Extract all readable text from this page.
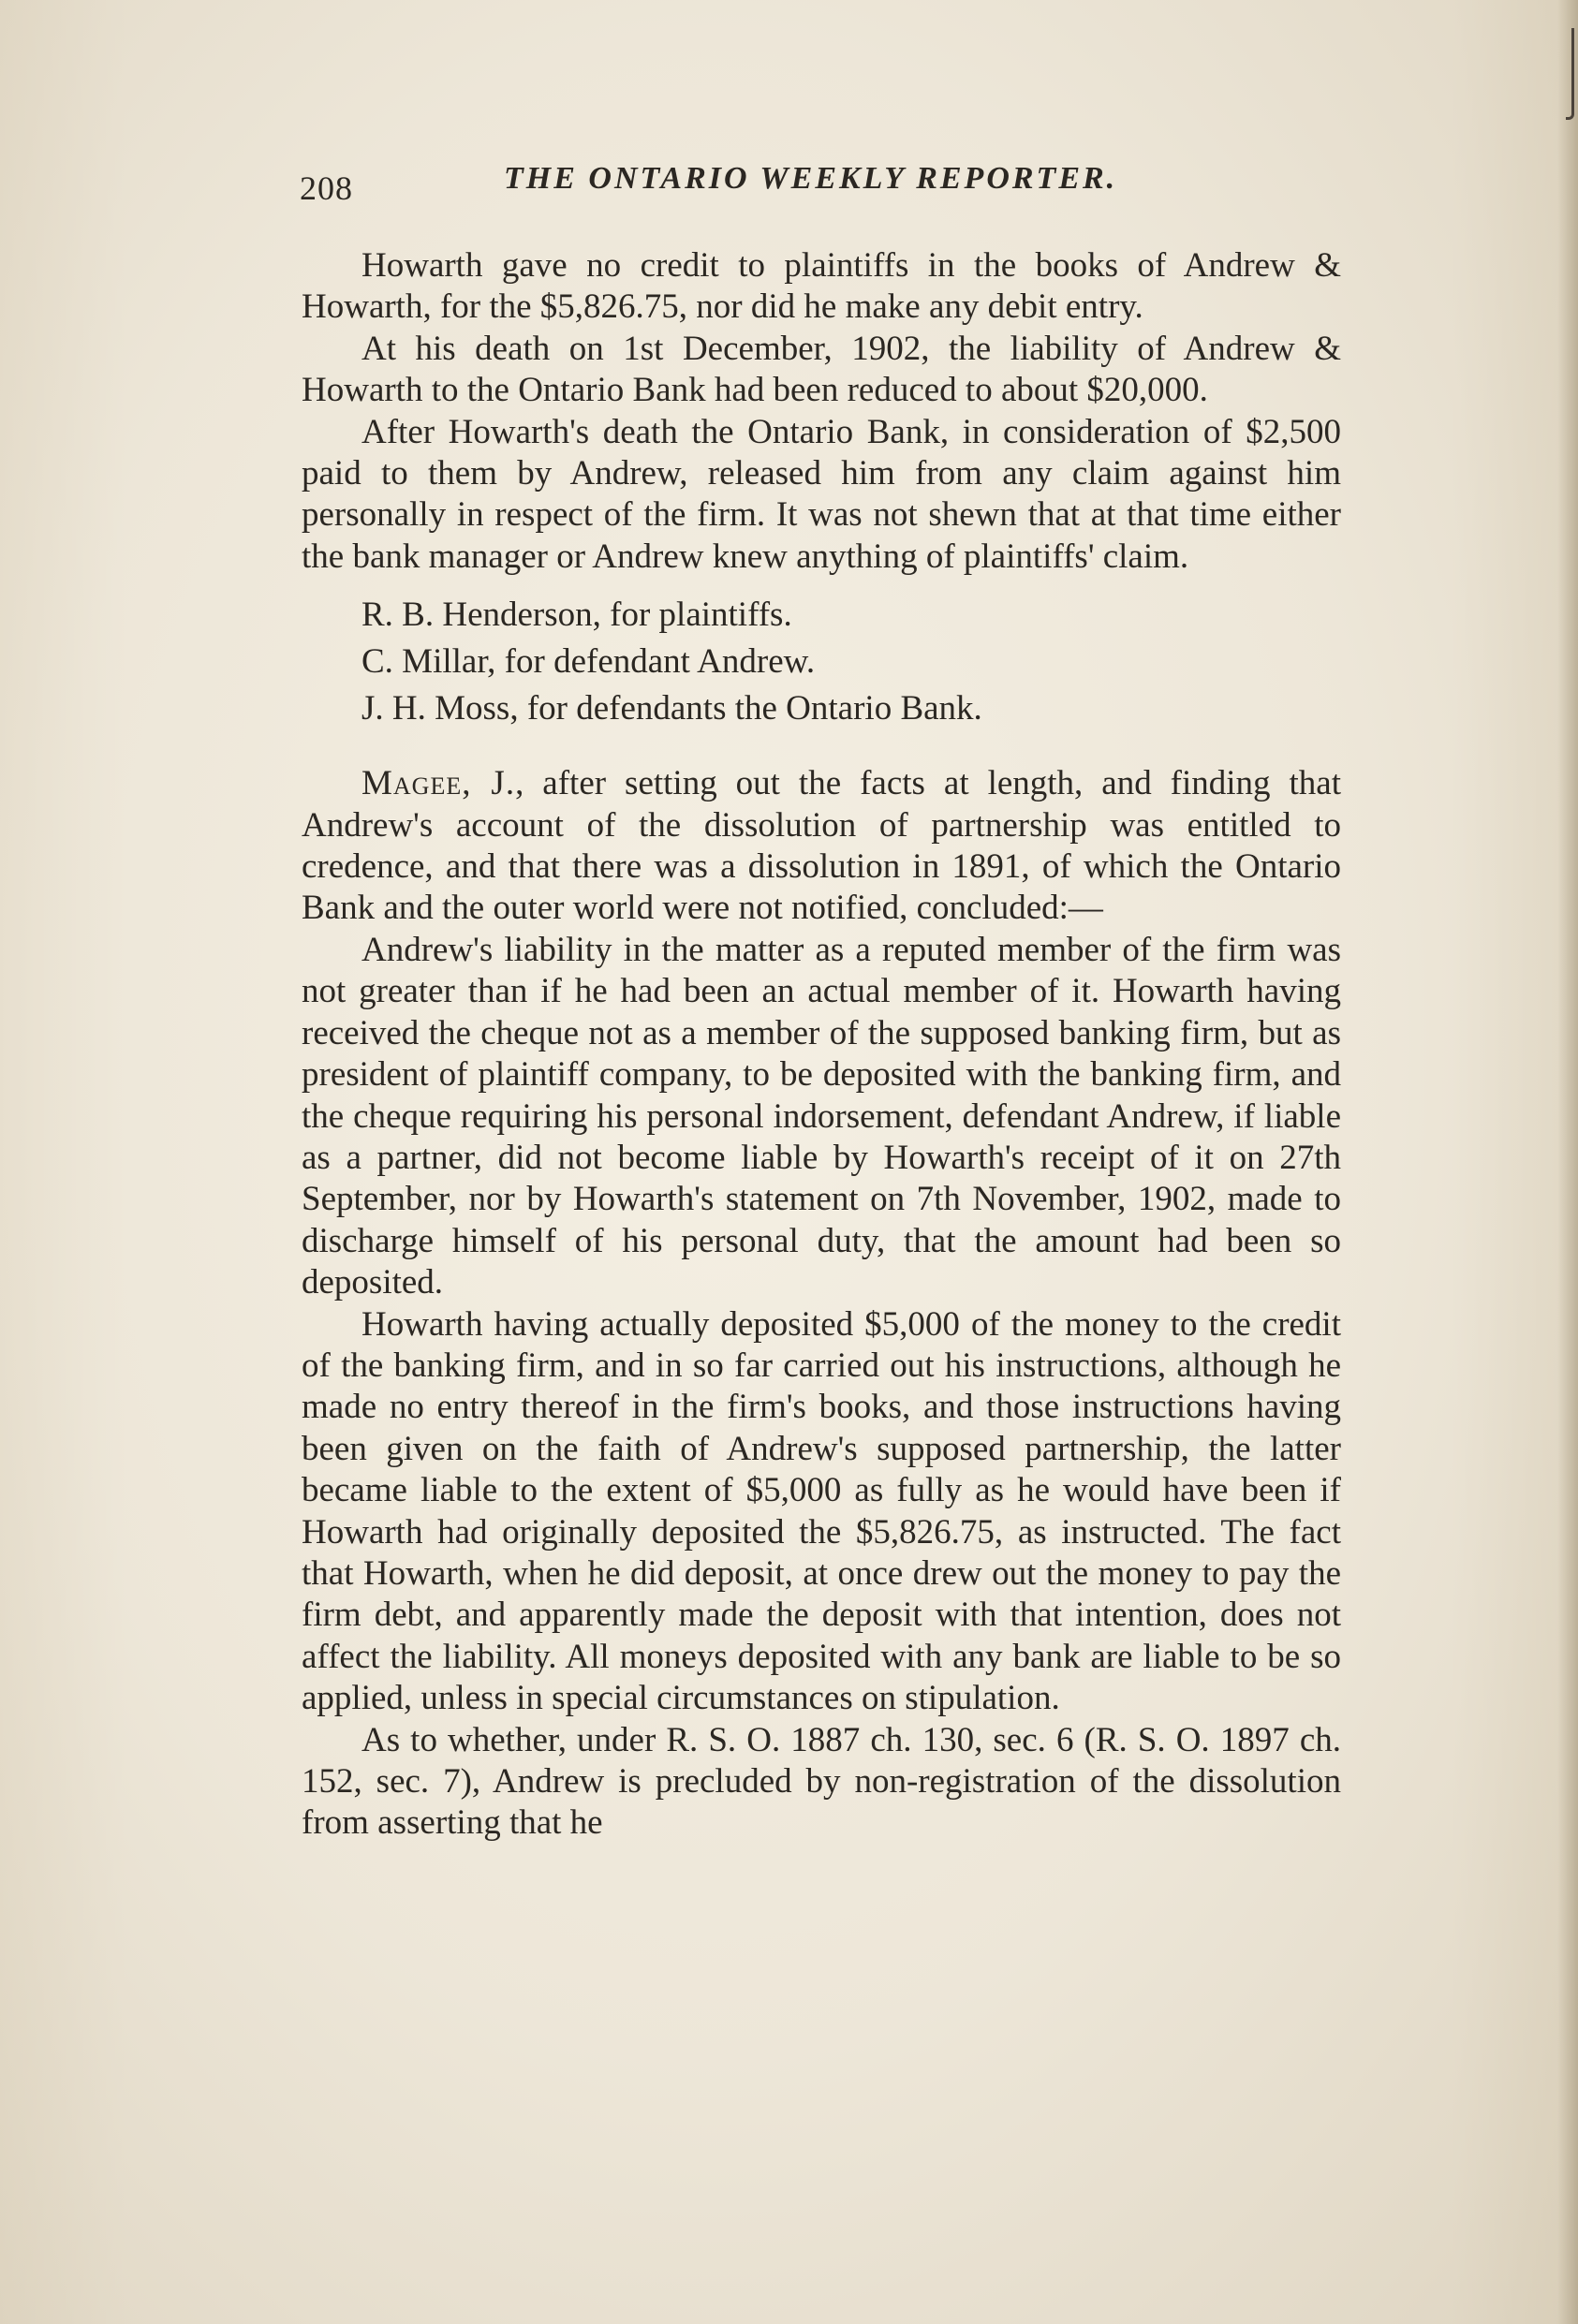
208	THE ONTARIO WEEKLY REPORTER.

Howarth gave no credit to plaintiffs in the books of Andrew & Howarth, for the $5,826.75, nor did he make any debit entry.

At his death on 1st December, 1902, the liability of Andrew & Howarth to the Ontario Bank had been reduced to about $20,000.

After Howarth's death the Ontario Bank, in consideration of $2,500 paid to them by Andrew, released him from any claim against him personally in respect of the firm. It was not shewn that at that time either the bank manager or Andrew knew anything of plaintiffs' claim.

R. B. Henderson, for plaintiffs.
C. Millar, for defendant Andrew.
J. H. Moss, for defendants the Ontario Bank.

Magee, J., after setting out the facts at length, and finding that Andrew's account of the dissolution of partnership was entitled to credence, and that there was a dissolution in 1891, of which the Ontario Bank and the outer world were not notified, concluded:—

Andrew's liability in the matter as a reputed member of the firm was not greater than if he had been an actual member of it. Howarth having received the cheque not as a member of the supposed banking firm, but as president of plaintiff company, to be deposited with the banking firm, and the cheque requiring his personal indorsement, defendant Andrew, if liable as a partner, did not become liable by Howarth's receipt of it on 27th September, nor by Howarth's statement on 7th November, 1902, made to discharge himself of his personal duty, that the amount had been so deposited.

Howarth having actually deposited $5,000 of the money to the credit of the banking firm, and in so far carried out his instructions, although he made no entry thereof in the firm's books, and those instructions having been given on the faith of Andrew's supposed partnership, the latter became liable to the extent of $5,000 as fully as he would have been if Howarth had originally deposited the $5,826.75, as instructed. The fact that Howarth, when he did deposit, at once drew out the money to pay the firm debt, and apparently made the deposit with that intention, does not affect the liability. All moneys deposited with any bank are liable to be so applied, unless in special circumstances on stipulation.

As to whether, under R. S. O. 1887 ch. 130, sec. 6 (R. S. O. 1897 ch. 152, sec. 7), Andrew is precluded by non-registration of the dissolution from asserting that he
